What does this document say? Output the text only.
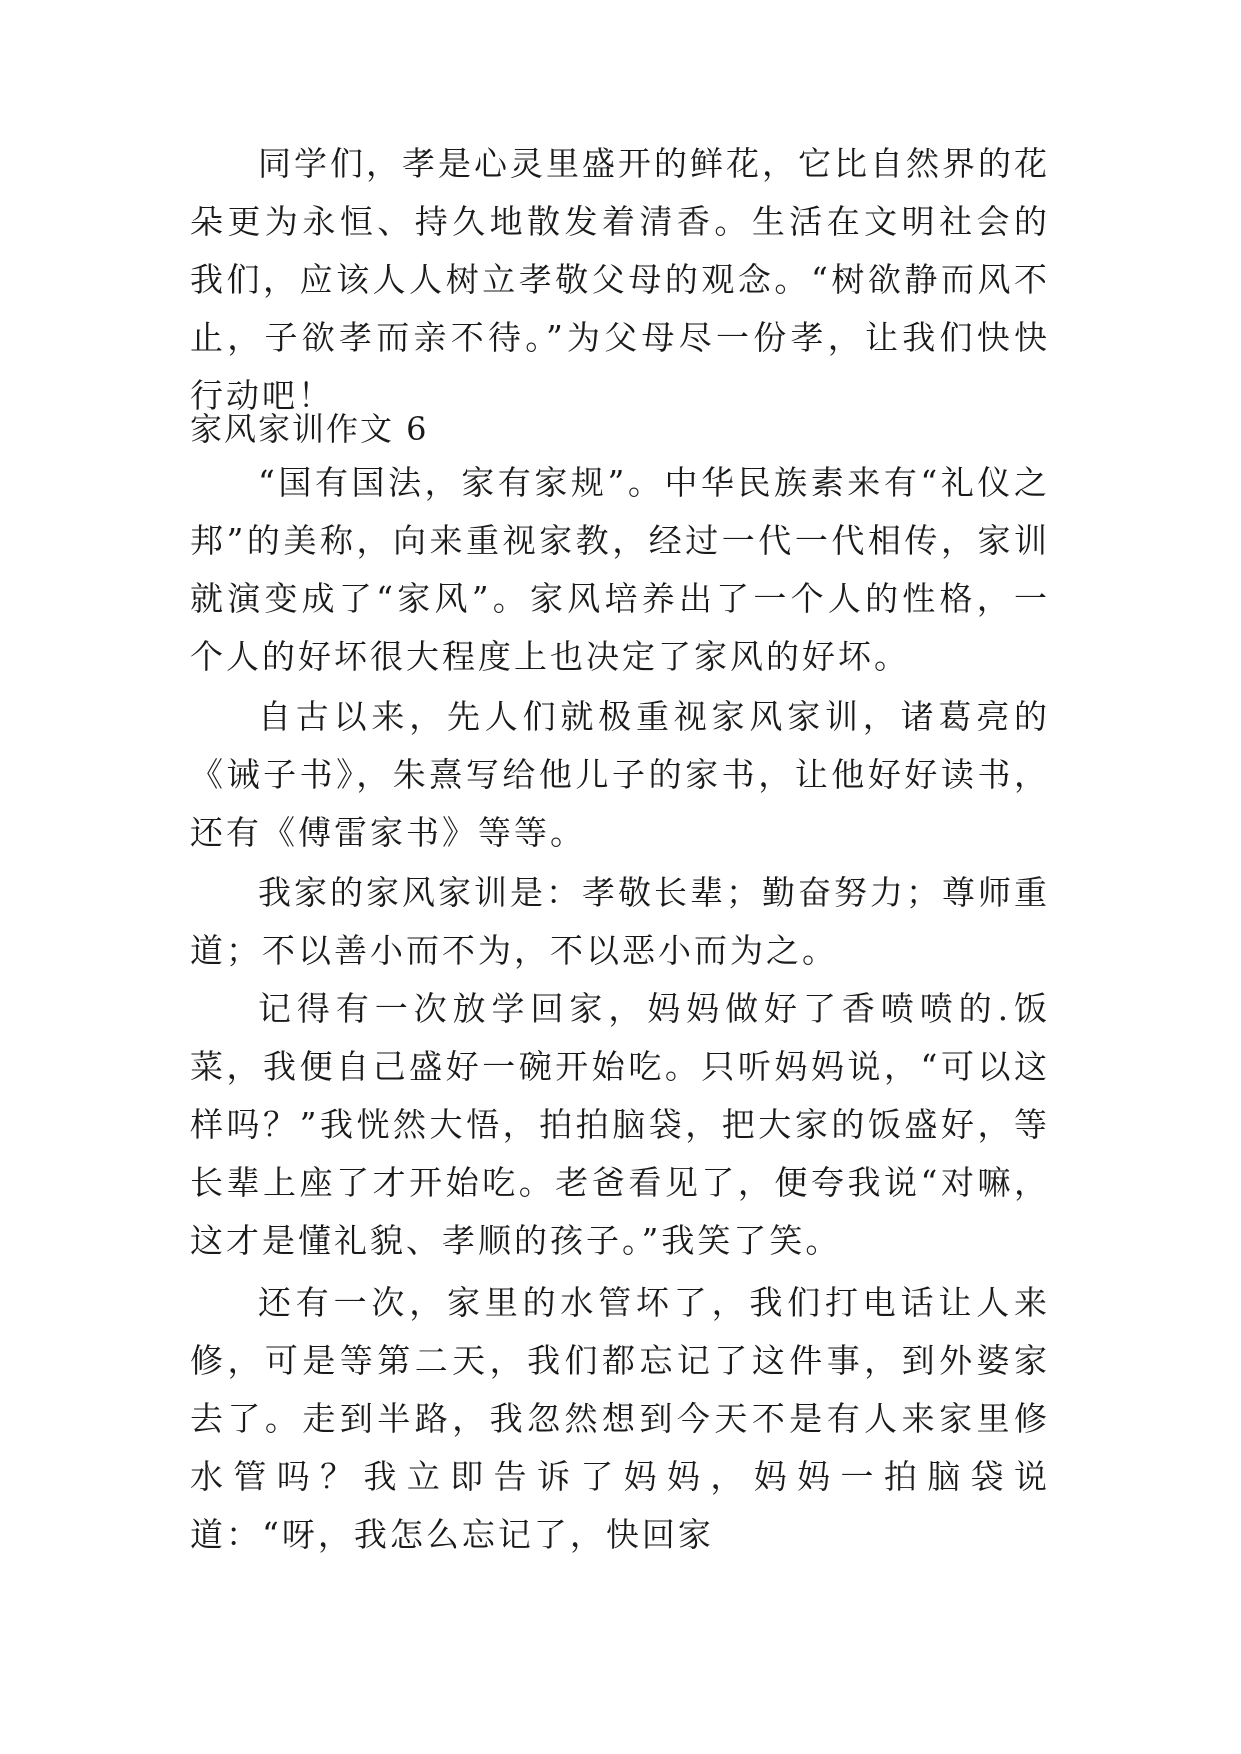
同学们，孝是心灵里盛开的鲜花，它比自然界的花朵更为永恒、持久地散发着清香。生活在文明社会的我们，应该人人树立孝敬父母的观念。“树欲静而风不止，子欲孝而亲不待。”为父母尽一份孝，让我们快快行动吧！

家风家训作文 6

“国有国法，家有家规”。中华民族素来有“礼仪之邦”的美称，向来重视家教，经过一代一代相传，家训就演变成了“家风”。家风培养出了一个人的性格，一个人的好坏很大程度上也决定了家风的好坏。

自古以来，先人们就极重视家风家训，诸葛亮的《诫子书》，朱熹写给他儿子的家书，让他好好读书，还有《傅雷家书》等等。

我家的家风家训是：孝敬长辈；勤奋努力；尊师重道；不以善小而不为，不以恶小而为之。

记得有一次放学回家，妈妈做好了香喷喷的.饭菜，我便自己盛好一碗开始吃。只听妈妈说，“可以这样吗？”我恍然大悟，拍拍脑袋，把大家的饭盛好，等长辈上座了才开始吃。老爸看见了，便夸我说“对嘛，这才是懂礼貌、孝顺的孩子。”我笑了笑。

还有一次，家里的水管坏了，我们打电话让人来修，可是等第二天，我们都忘记了这件事，到外婆家去了。走到半路，我忽然想到今天不是有人来家里修水管吗？我立即告诉了妈妈，妈妈一拍脑袋说道：“呀，我怎么忘记了，快回家
